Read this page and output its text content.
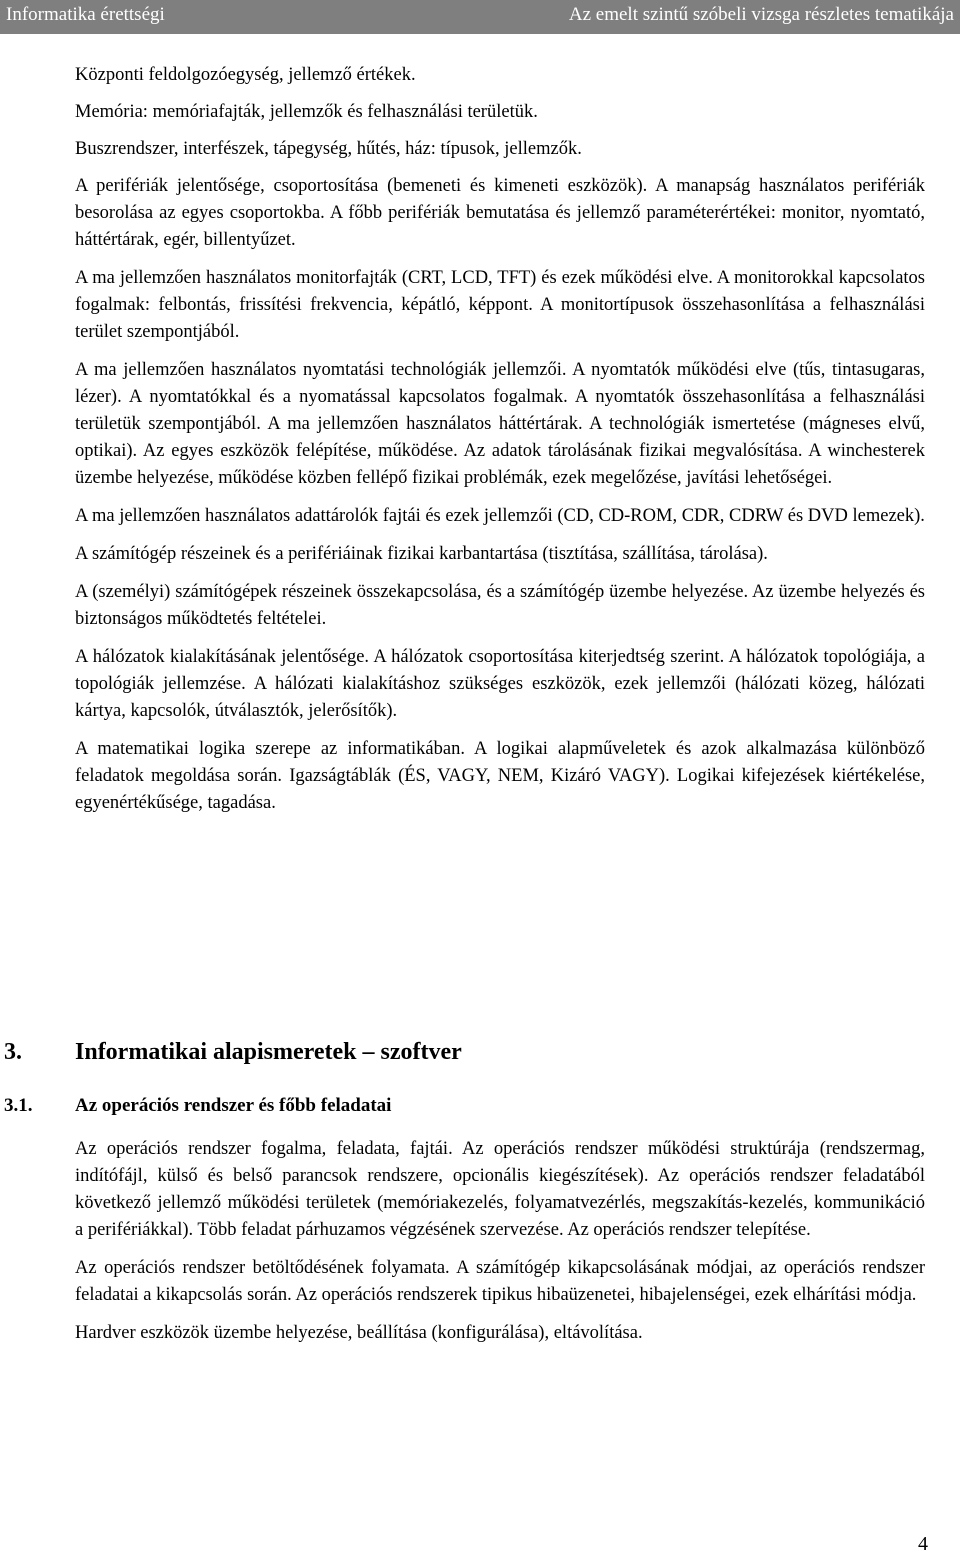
Informatika érettségi	Az emelt szintű szóbeli vizsga részletes tematikája

Központi feldolgozóegység, jellemző értékek.

Memória: memóriafajták, jellemzők és felhasználási területük.

Buszrendszer, interfészek, tápegység, hűtés, ház: típusok, jellemzők.

A perifériák jelentősége, csoportosítása (bemeneti és kimeneti eszközök). A manapság használatos perifériák besorolása az egyes csoportokba. A főbb perifériák bemutatása és jellemző paraméterértékei: monitor, nyomtató, háttértárak, egér, billentyűzet.

A ma jellemzően használatos monitorfajták (CRT, LCD, TFT) és ezek működési elve. A monitorokkal kapcsolatos fogalmak: felbontás, frissítési frekvencia, képátló, képpont. A monitortípusok összehasonlítása a felhasználási terület szempontjából.

A ma jellemzően használatos nyomtatási technológiák jellemzői. A nyomtatók működési elve (tűs, tintasugaras, lézer). A nyomtatókkal és a nyomatással kapcsolatos fogalmak. A nyomtatók összehasonlítása a felhasználási területük szempontjából. A ma jellemzően használatos háttértárak. A technológiák ismertetése (mágneses elvű, optikai). Az egyes eszközök felépítése, működése. Az adatok tárolásának fizikai megvalósítása. A winchesterek üzembe helyezése, működése közben fellépő fizikai problémák, ezek megelőzése, javítási lehetőségei.

A ma jellemzően használatos adattárolók fajtái és ezek jellemzői (CD, CD-ROM, CDR, CDRW és DVD lemezek).

A számítógép részeinek és a perifériáinak fizikai karbantartása (tisztítása, szállítása, tárolása).

A (személyi) számítógépek részeinek összekapcsolása, és a számítógép üzembe helyezése. Az üzembe helyezés és biztonságos működtetés feltételei.

A hálózatok kialakításának jelentősége. A hálózatok csoportosítása kiterjedtség szerint. A hálózatok topológiája, a topológiák jellemzése. A hálózati kialakításhoz szükséges eszközök, ezek jellemzői (hálózati közeg, hálózati kártya, kapcsolók, útválasztók, jelerősítők).

A matematikai logika szerepe az informatikában. A logikai alapműveletek és azok alkalmazása különböző feladatok megoldása során. Igazságtáblák (ÉS, VAGY, NEM, Kizáró VAGY). Logikai kifejezések kiértékelése, egyenértékűsége, tagadása.

3. Informatikai alapismeretek – szoftver
3.1. Az operációs rendszer és főbb feladatai

Az operációs rendszer fogalma, feladata, fajtái. Az operációs rendszer működési struktúrája (rendszermag, indítófájl, külső és belső parancsok rendszere, opcionális kiegészítések). Az operációs rendszer feladatából következő jellemző működési területek (memóriakezelés, folyamatvezérlés, megszakítás-kezelés, kommunikáció a perifériákkal). Több feladat párhuzamos végzésének szervezése. Az operációs rendszer telepítése.

Az operációs rendszer betöltődésének folyamata. A számítógép kikapcsolásának módjai, az operációs rendszer feladatai a kikapcsolás során. Az operációs rendszerek tipikus hibaüzenetei, hibajelenségei, ezek elhárítási módja.

Hardver eszközök üzembe helyezése, beállítása (konfigurálása), eltávolítása.

4
